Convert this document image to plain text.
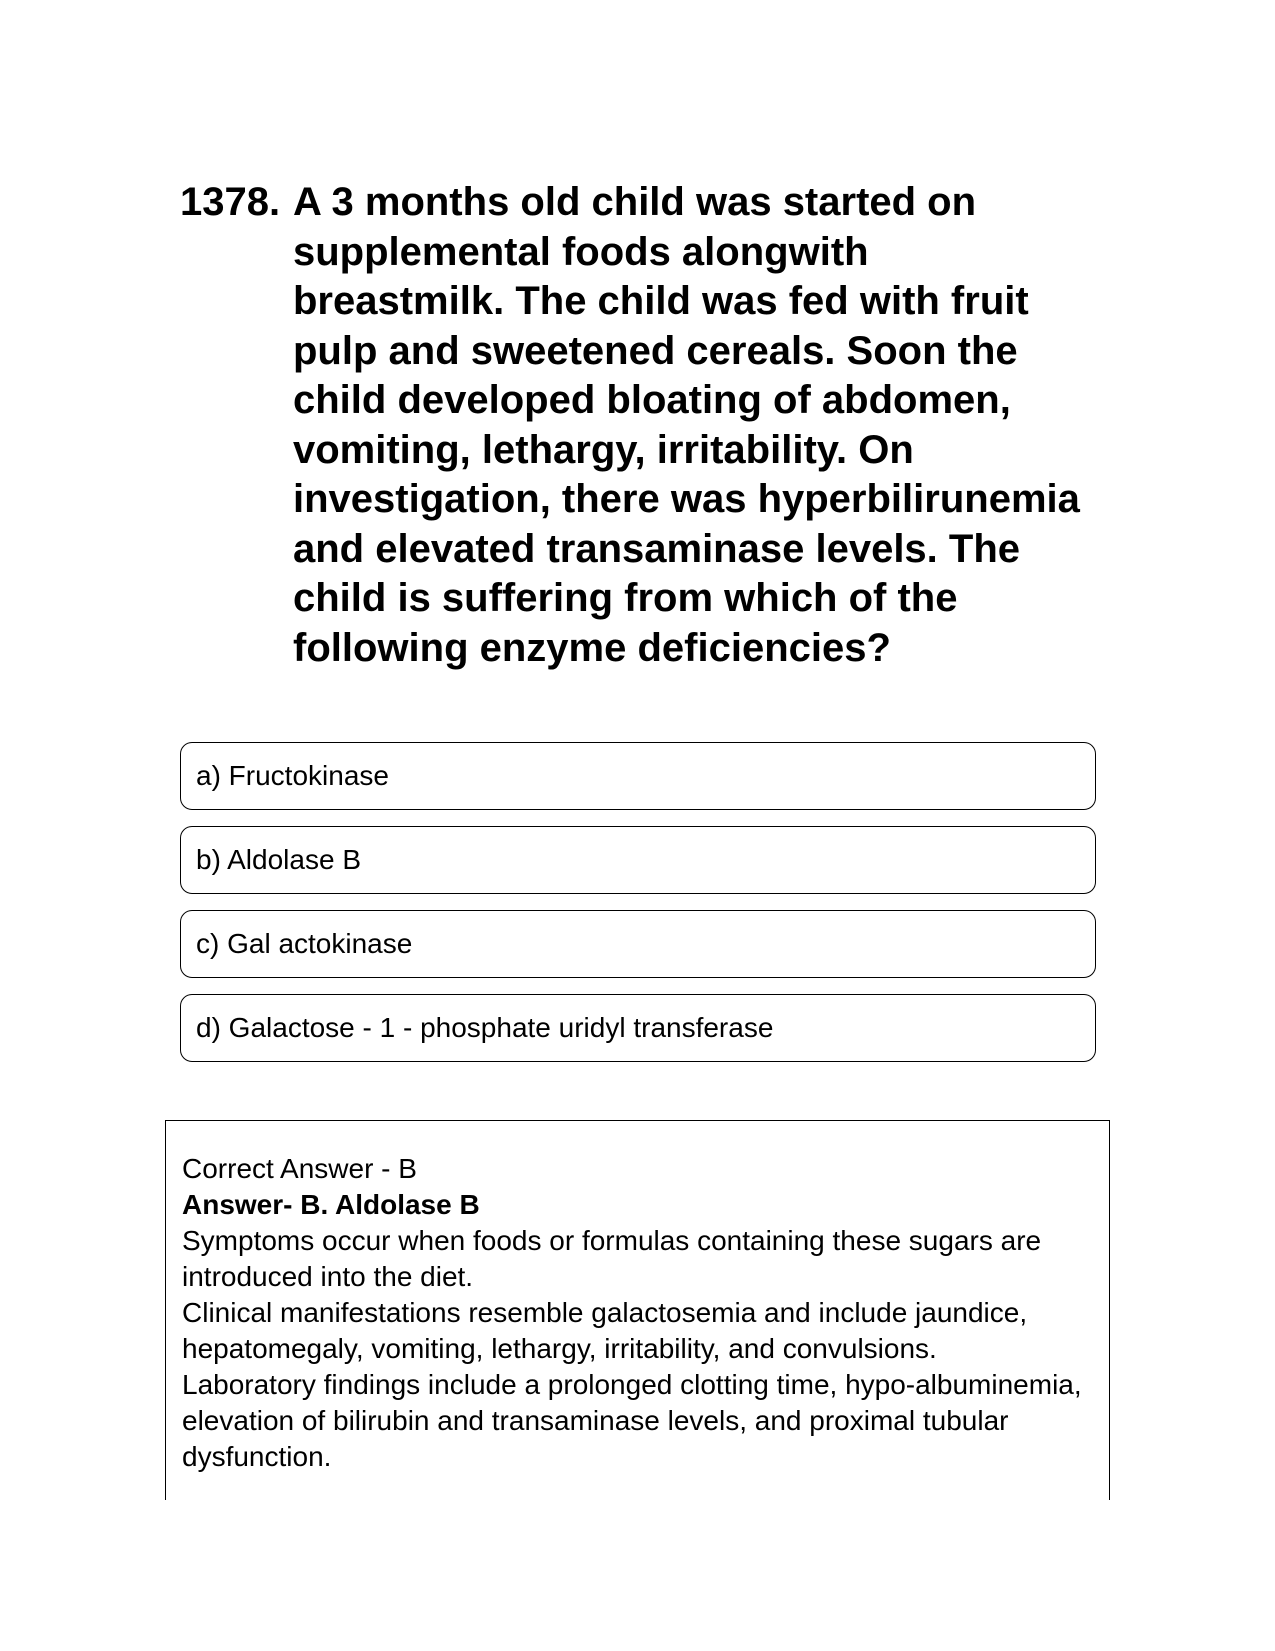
1378. A 3 months old child was started on supplemental foods alongwith breastmilk. The child was fed with fruit pulp and sweetened cereals. Soon the child developed bloating of abdomen, vomiting, lethargy, irritability. On investigation, there was hyperbilirunemia and elevated transaminase levels. The child is suffering from which of the following enzyme deficiencies?
a) Fructokinase
b) Aldolase B
c) Gal actokinase
d) Galactose - 1 - phosphate uridyl transferase

Correct Answer - B

Answer- B. Aldolase B

Symptoms occur when foods or formulas containing these sugars are introduced into the diet.

Clinical manifestations resemble galactosemia and include jaundice, hepatomegaly, vomiting, lethargy, irritability, and convulsions.

Laboratory findings include a prolonged clotting time, hypo-albuminemia, elevation of bilirubin and transaminase levels, and proximal tubular dysfunction.
